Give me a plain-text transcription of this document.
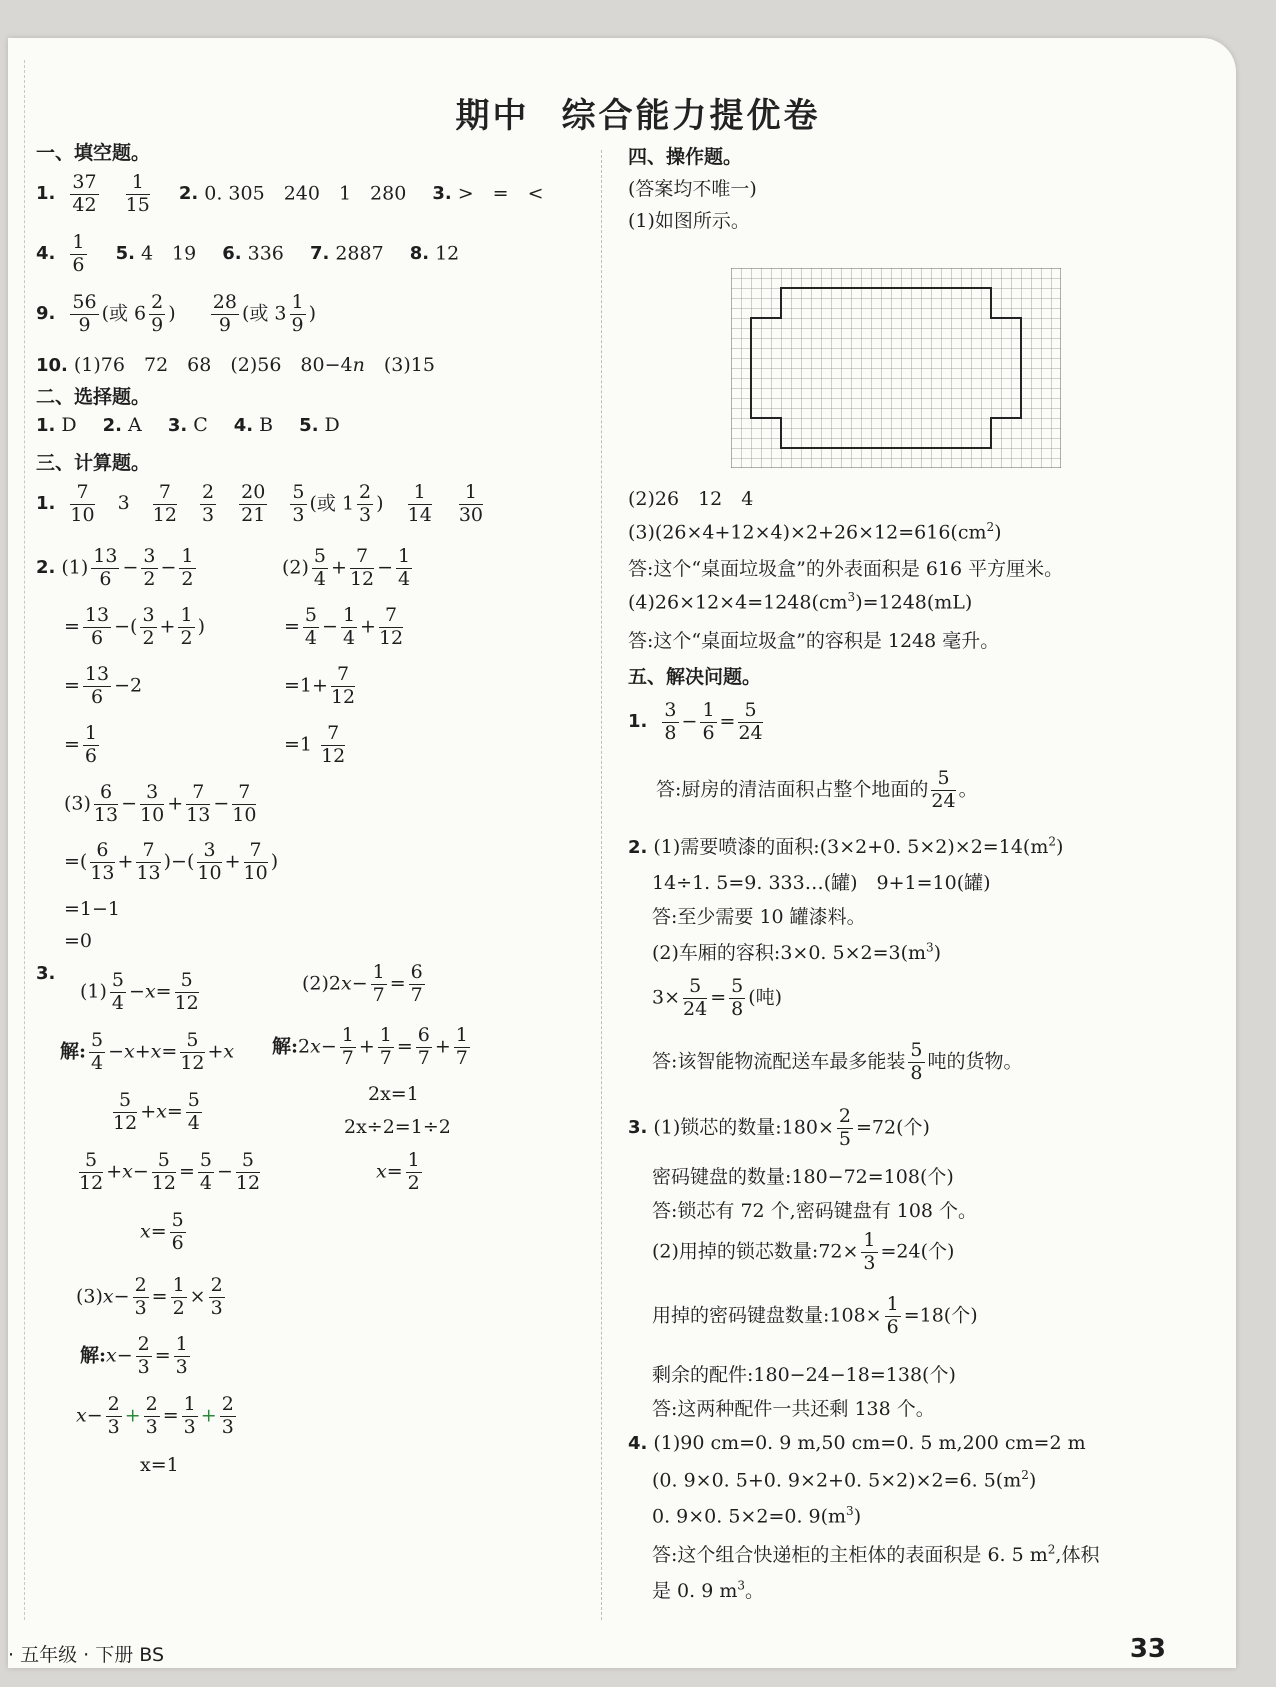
期中 综合能力提优卷
一、填空题。
1. $\frac{37}{42}$
$\frac{1}{15} 2$. 0. 305　240　1　280 3. >　=　<
4. $\frac{1}{6} 5$. 4　19 6. 336 7. 2887 8. 12
9. $\frac{56}{9}$ (或 $6 \frac{2}{9}$ ) $\frac{28}{9}$ (或 $3 \frac{1}{9}$ )
10. (1)76　72　68　(2)56　80−4n　(3)15
二、选择题。
1. D 2. A 3. C 4. B 5. D
三、计算题。
1. $\frac{7}{10} 3 \frac{7}{12}$
$\frac{2}{3}$
$\frac{20}{21}$
$\frac{5}{3}$ (或 $1 \frac{2}{3}$ ) $\frac{1}{14}$
$\frac{1}{30}$
2. $(1) \frac{13}{6} - \frac{3}{2} - \frac{1}{2}$
= $\frac{13}{6}$ −( $\frac{3}{2} + \frac{1}{2}$ )
= $\frac{13}{6} -2$
= $\frac{1}{6}$
$(2) \frac{5}{4} + \frac{7}{12} - \frac{1}{4}$
= $\frac{5}{4} - \frac{1}{4} + \frac{7}{12}$
$=1+ \frac{7}{12}$
$=1 \frac{7}{12}$
$(3) \frac{6}{13} - \frac{3}{10} + \frac{7}{13} - \frac{7}{10}$
=( $\frac{6}{13} + \frac{7}{13}$ )−( $\frac{3}{10} + \frac{7}{10}$ )
=1−1
=0
3.
$(1) \frac{5}{4} -x= \frac{5}{12}$
解: $\frac{5}{4} -x+x= \frac{5}{12} +x$
$\frac{5}{12} +x= \frac{5}{4}$
$\frac{5}{12} +x- \frac{5}{12} = \frac{5}{4} - \frac{5}{12}$
$x= \frac{5}{6}$
$(2)2x- \frac{1}{7} = \frac{6}{7}$
解:2x− $\frac{1}{7} + \frac{1}{7} = \frac{6}{7} + \frac{1}{7}$
2x=1
2x÷2=1÷2
$x= \frac{1}{2}$
$(3)x- \frac{2}{3} = \frac{1}{2} \times \frac{2}{3}$
解:x− $\frac{2}{3} = \frac{1}{3}$
$x- \frac{2}{3} + \frac{2}{3} = \frac{1}{3} + \frac{2}{3}$
x=1
四、操作题。
(答案均不唯一)
(1)如图所示。
(2)26　12　4
$(3)(26\times 4+12\times 4)\times 2+26\times 12=616(cm^2)$
答:这个“桌面垃圾盒”的外表面积是 616 平方厘米。
$(4)26\times 12\times 4=1248(cm^3)=1248(mL)$
答:这个“桌面垃圾盒”的容积是 1248 毫升。
五、解决问题。
1. $\frac{3}{8} - \frac{1}{6} = \frac{5}{24}$
答:厨房的清洁面积占整个地面的 $\frac{5}{24}$ 。
2. (1)需要喷漆的面积:(3×2+0. $5\times 2)\times 2=14(m^2)$
14÷1. 5=9. 333…(罐)　9+1=10(罐)
答:至少需要 10 罐漆料。
(2)车厢的容积:3×0. $5\times 2=3(m^3)$
$3\times \frac{5}{24} = \frac{5}{8}$ (吨)
答:该智能物流配送车最多能装 $\frac{5}{8}$ 吨的货物。
3. (1)锁芯的数量:180× $\frac{2}{5} =72$(个)
密码键盘的数量:180−72=108(个)
答:锁芯有 72 个,密码键盘有 108 个。
(2)用掉的锁芯数量:72× $\frac{1}{3} =24$(个)
用掉的密码键盘数量:108× $\frac{1}{6} =18$(个)
剩余的配件:180−24−18=138(个)
答:这两种配件一共还剩 138 个。
4. (1)90 cm=0. 9 m,50 cm=0. 5 m,200 cm=2 m
(0. 9×0. 5+0. 9×2+0. 5×2)×2=6. $5(m^2)$
0. 9×0. 5×2=0. $9(m^3)$
答:这个组合快递柜的主柜体的表面积是 6. 5 $m^2$,体积
是 0. 9 $m^3$。
· 五年级 · 下册 BS	33
